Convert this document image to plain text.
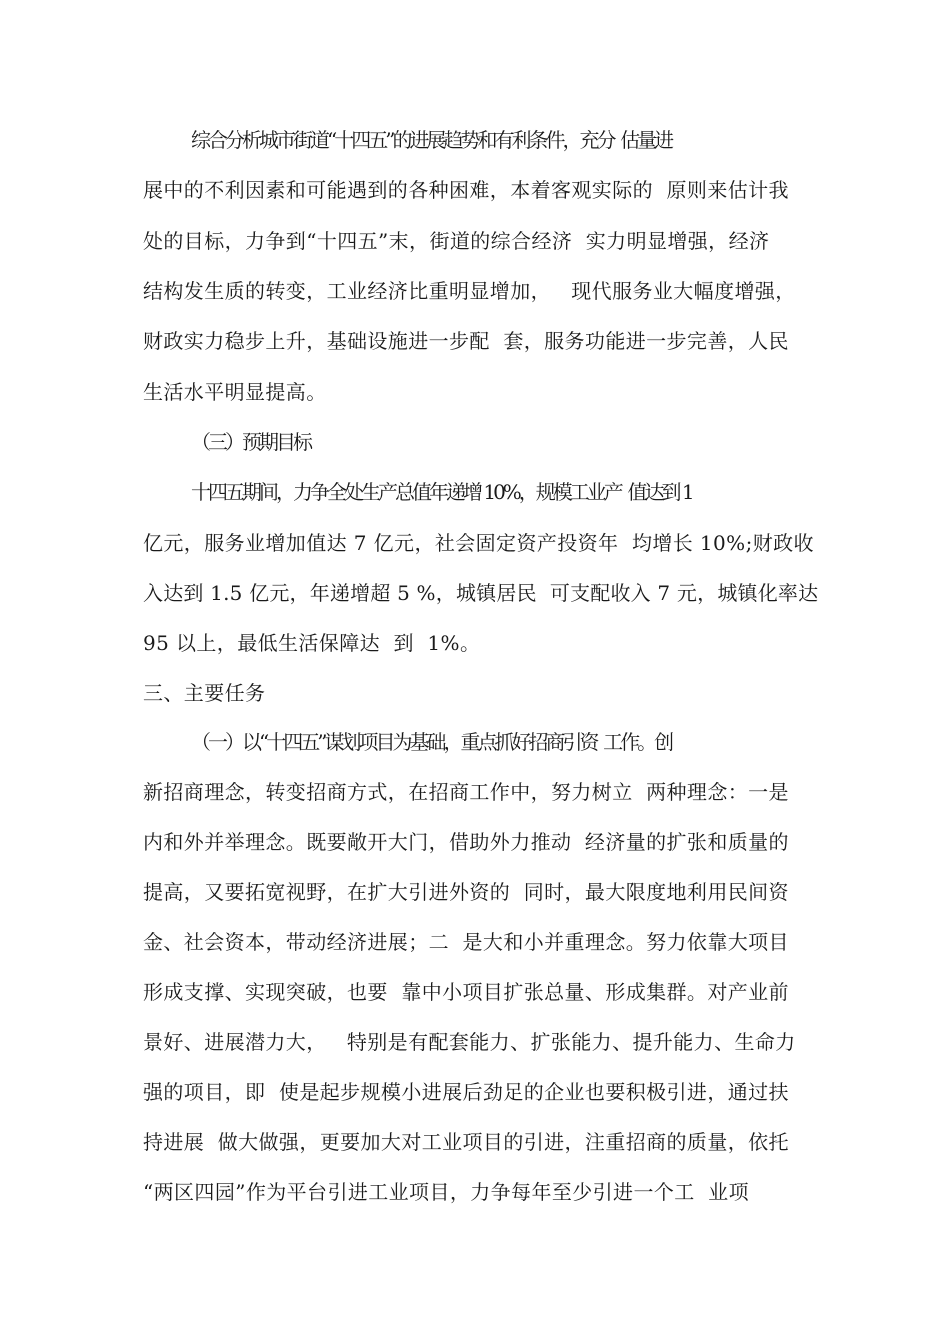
综合分析城市街道“十四五”的进展趋势和有利条件，充分  估量进
展中的不利因素和可能遇到的各种困难，本着客观实际的  原则来估计我
处的目标，力争到“十四五”末，街道的综合经济  实力明显增强，经济
结构发生质的转变，工业经济比重明显增加，   现代服务业大幅度增强，
财政实力稳步上升，基础设施进一步配  套，服务功能进一步完善，人民
生活水平明显提高。
（三）预期目标
十四五期间，力争全处生产总值年递增 10%，规模工业产  值达到 1
亿元，服务业增加值达 7 亿元，社会固定资产投资年  均增长 10%;财政收
入达到 1.5 亿元，年递增超 5 %，城镇居民  可支配收入 7 元，城镇化率达
95 以上，最低生活保障达  到  1%。
三、主要任务
（一）以“十四五”谋划项目为基础，重点抓好招商引资  工作。创
新招商理念，转变招商方式，在招商工作中，努力树立  两种理念：一是
内和外并举理念。既要敞开大门，借助外力推动  经济量的扩张和质量的
提高，又要拓宽视野，在扩大引进外资的  同时，最大限度地利用民间资
金、社会资本，带动经济进展；二  是大和小并重理念。努力依靠大项目
形成支撑、实现突破，也要  靠中小项目扩张总量、形成集群。对产业前
景好、进展潜力大，   特别是有配套能力、扩张能力、提升能力、生命力
强的项目，即  使是起步规模小进展后劲足的企业也要积极引进，通过扶
持进展  做大做强，更要加大对工业项目的引进，注重招商的质量，依托
“两区四园”作为平台引进工业项目，力争每年至少引进一个工  业项
